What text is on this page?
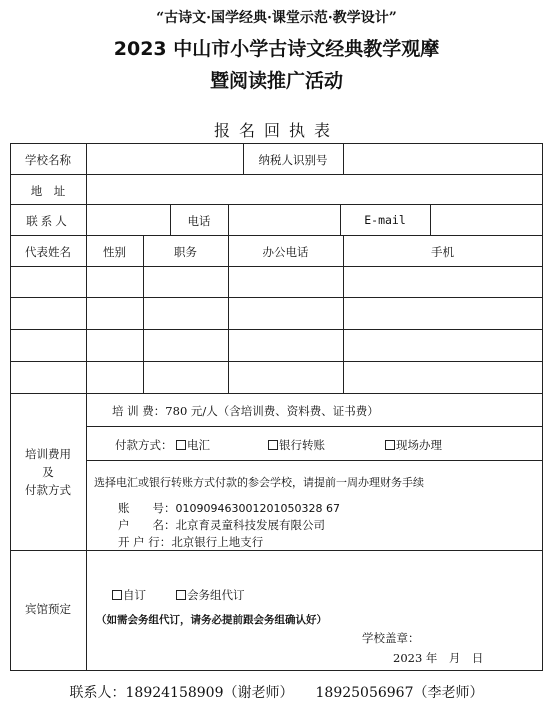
“古诗文·国学经典·课堂示范·教学设计”
2023 中山市小学古诗文经典教学观摩
暨阅读推广活动
报名回执表
学校名称	纳税人识别号
地　址
联系人	电话	E-mail
代表姓名	性别	职务	办公电话	手机
培训费用
及
付款方式
培 训 费：780 元/人（含培训费、资料费、证书费）
付款方式：	电汇	银行转账	现场办理
选择电汇或银行转账方式付款的参会学校，请提前一周办理财务手续
账　　号：010909463001201050328 67
户　　名：北京育灵童科技发展有限公司
开 户 行：北京银行上地支行
宾馆预定
自订	会务组代订
（如需会务组代订，请务必提前跟会务组确认好）
学校盖章：
2023 年　月　日
联系人：18924158909（谢老师） 18925056967（李老师）
